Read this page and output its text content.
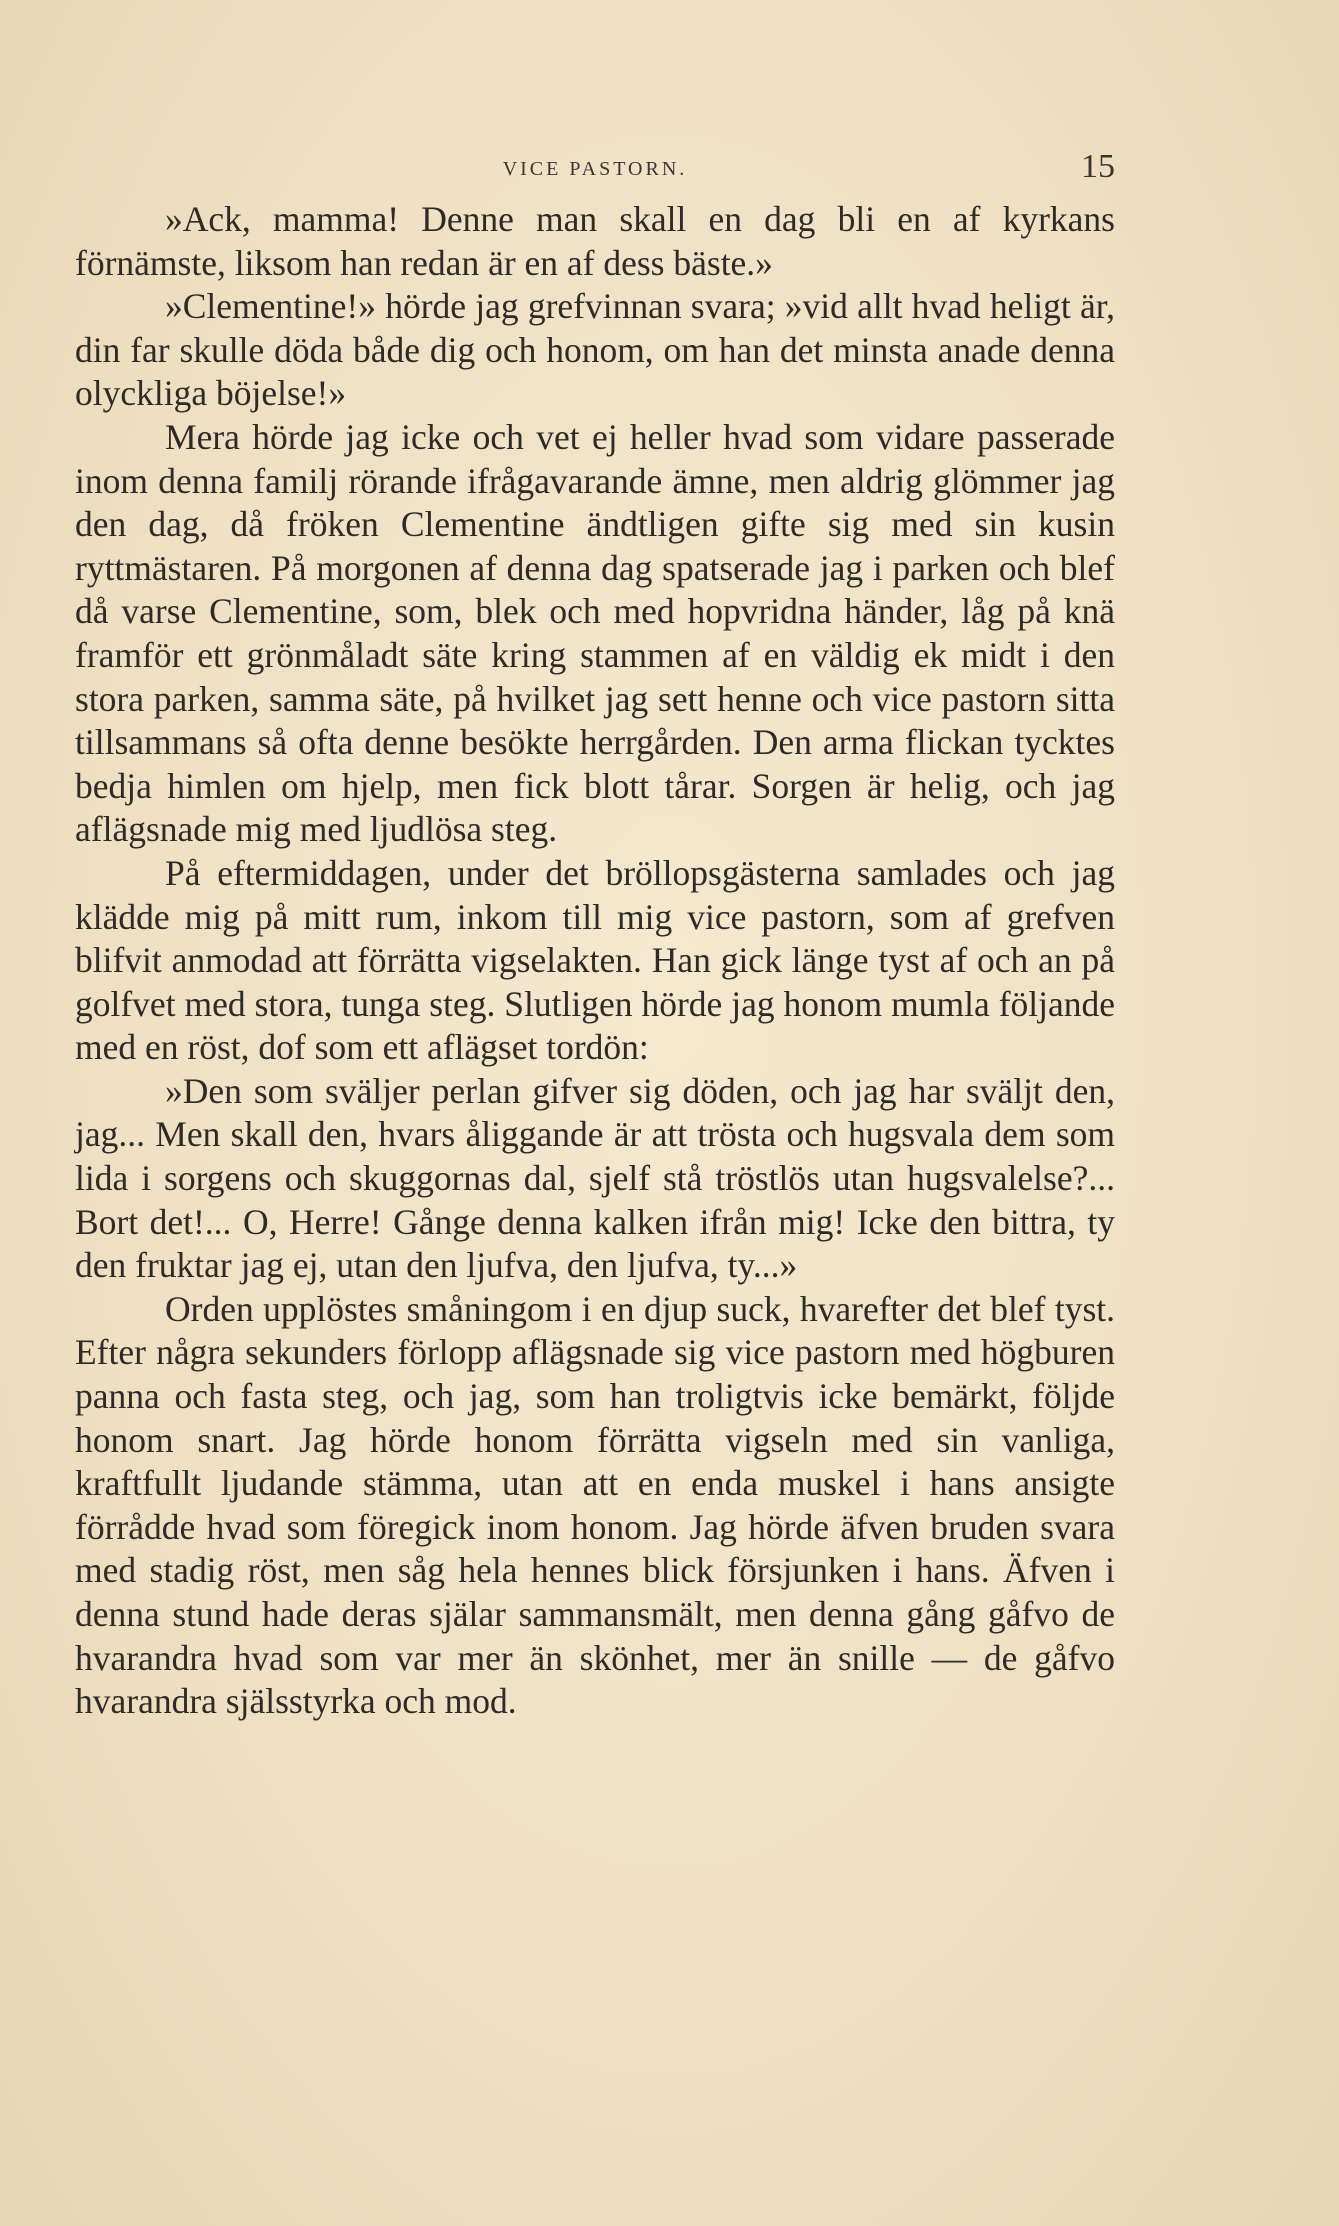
VICE PASTORN.	15

»Ack, mamma! Denne man skall en dag bli en af kyrkans förnämste, liksom han redan är en af dess bäste.»

»Clementine!» hörde jag grefvinnan svara; »vid allt hvad heligt är, din far skulle döda både dig och honom, om han det minsta anade denna olyckliga böjelse!»

Mera hörde jag icke och vet ej heller hvad som vidare passerade inom denna familj rörande ifrågavarande ämne, men aldrig glömmer jag den dag, då fröken Clementine ändtligen gifte sig med sin kusin ryttmästaren. På morgonen af denna dag spatserade jag i parken och blef då varse Clementine, som, blek och med hopvridna händer, låg på knä framför ett grönmåladt säte kring stammen af en väldig ek midt i den stora parken, samma säte, på hvilket jag sett henne och vice pastorn sitta tillsammans så ofta denne besökte herrgården. Den arma flickan tycktes bedja himlen om hjelp, men fick blott tårar. Sorgen är helig, och jag aflägsnade mig med ljudlösa steg.

På eftermiddagen, under det bröllopsgästerna samlades och jag klädde mig på mitt rum, inkom till mig vice pastorn, som af grefven blifvit anmodad att förrätta vigselakten. Han gick länge tyst af och an på golfvet med stora, tunga steg. Slutligen hörde jag honom mumla följande med en röst, dof som ett aflägset tordön:

»Den som sväljer perlan gifver sig döden, och jag har sväljt den, jag... Men skall den, hvars åliggande är att trösta och hugsvala dem som lida i sorgens och skuggornas dal, sjelf stå tröstlös utan hugsvalelse?... Bort det!... O, Herre! Gånge denna kalken ifrån mig! Icke den bittra, ty den fruktar jag ej, utan den ljufva, den ljufva, ty...»

Orden upplöstes småningom i en djup suck, hvarefter det blef tyst. Efter några sekunders förlopp aflägsnade sig vice pastorn med högburen panna och fasta steg, och jag, som han troligtvis icke bemärkt, följde honom snart. Jag hörde honom förrätta vigseln med sin vanliga, kraftfullt ljudande stämma, utan att en enda muskel i hans ansigte förrådde hvad som föregick inom honom. Jag hörde äfven bruden svara med stadig röst, men såg hela hennes blick försjunken i hans. Äfven i denna stund hade deras själar sammansmält, men denna gång gåfvo de hvarandra hvad som var mer än skönhet, mer än snille — de gåfvo hvarandra själsstyrka och mod.
